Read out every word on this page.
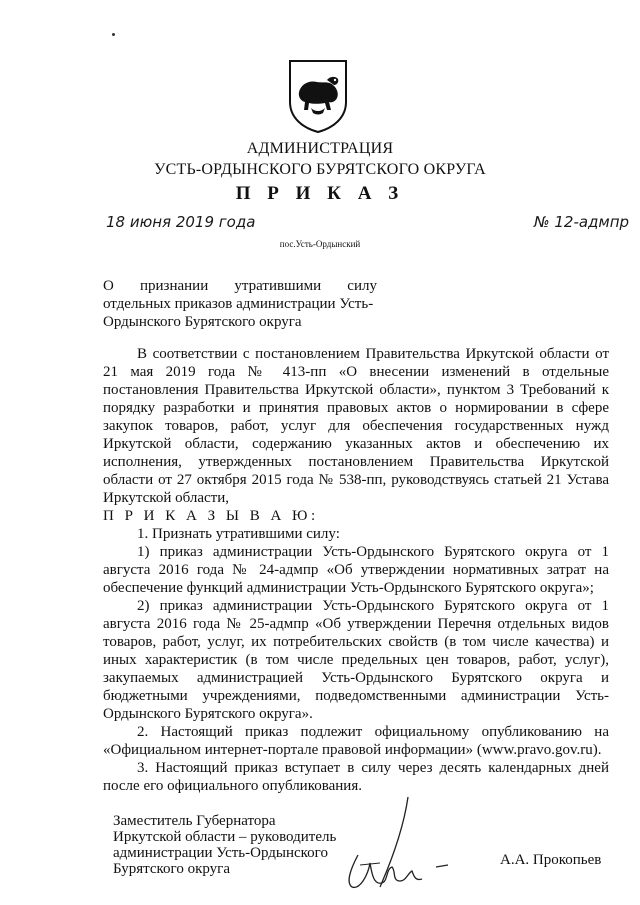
АДМИНИСТРАЦИЯ
УСТЬ-ОРДЫНСКОГО БУРЯТСКОГО ОКРУГА
П Р И К А З
18 июня 2019 года	№ 12-адмпр
пос.Усть-Ордынский
О признании утратившими силу
отдельных приказов администрации Усть-
Ордынского Бурятского округа

В соответствии с постановлением Правительства Иркутской области от 21 мая 2019 года № 413-пп «О внесении изменений в отдельные постановления Правительства Иркутской области», пунктом 3 Требований к порядку разработки и принятия правовых актов о нормировании в сфере закупок товаров, работ, услуг для обеспечения государственных нужд Иркутской области, содержанию указанных актов и обеспечению их исполнения, утвержденных постановлением Правительства Иркутской области от 27 октября 2015 года № 538-пп, руководствуясь статьей 21 Устава Иркутской области,

П Р И К А З Ы В А Ю:

1. Признать утратившими силу:

1) приказ администрации Усть-Ордынского Бурятского округа от 1 августа 2016 года № 24-адмпр «Об утверждении нормативных затрат на обеспечение функций администрации Усть-Ордынского Бурятского округа»;

2) приказ администрации Усть-Ордынского Бурятского округа от 1 августа 2016 года № 25-адмпр «Об утверждении Перечня отдельных видов товаров, работ, услуг, их потребительских свойств (в том числе качества) и иных характеристик (в том числе предельных цен товаров, работ, услуг), закупаемых администрацией Усть-Ордынского Бурятского округа и бюджетными учреждениями, подведомственными администрации Усть-Ордынского Бурятского округа».

2. Настоящий приказ подлежит официальному опубликованию на «Официальном интернет-портале правовой информации» (www.pravo.gov.ru).

3. Настоящий приказ вступает в силу через десять календарных дней после его официального опубликования.

Заместитель Губернатора
Иркутской области – руководитель
администрации Усть-Ордынского
Бурятского округа
А.А. Прокопьев
